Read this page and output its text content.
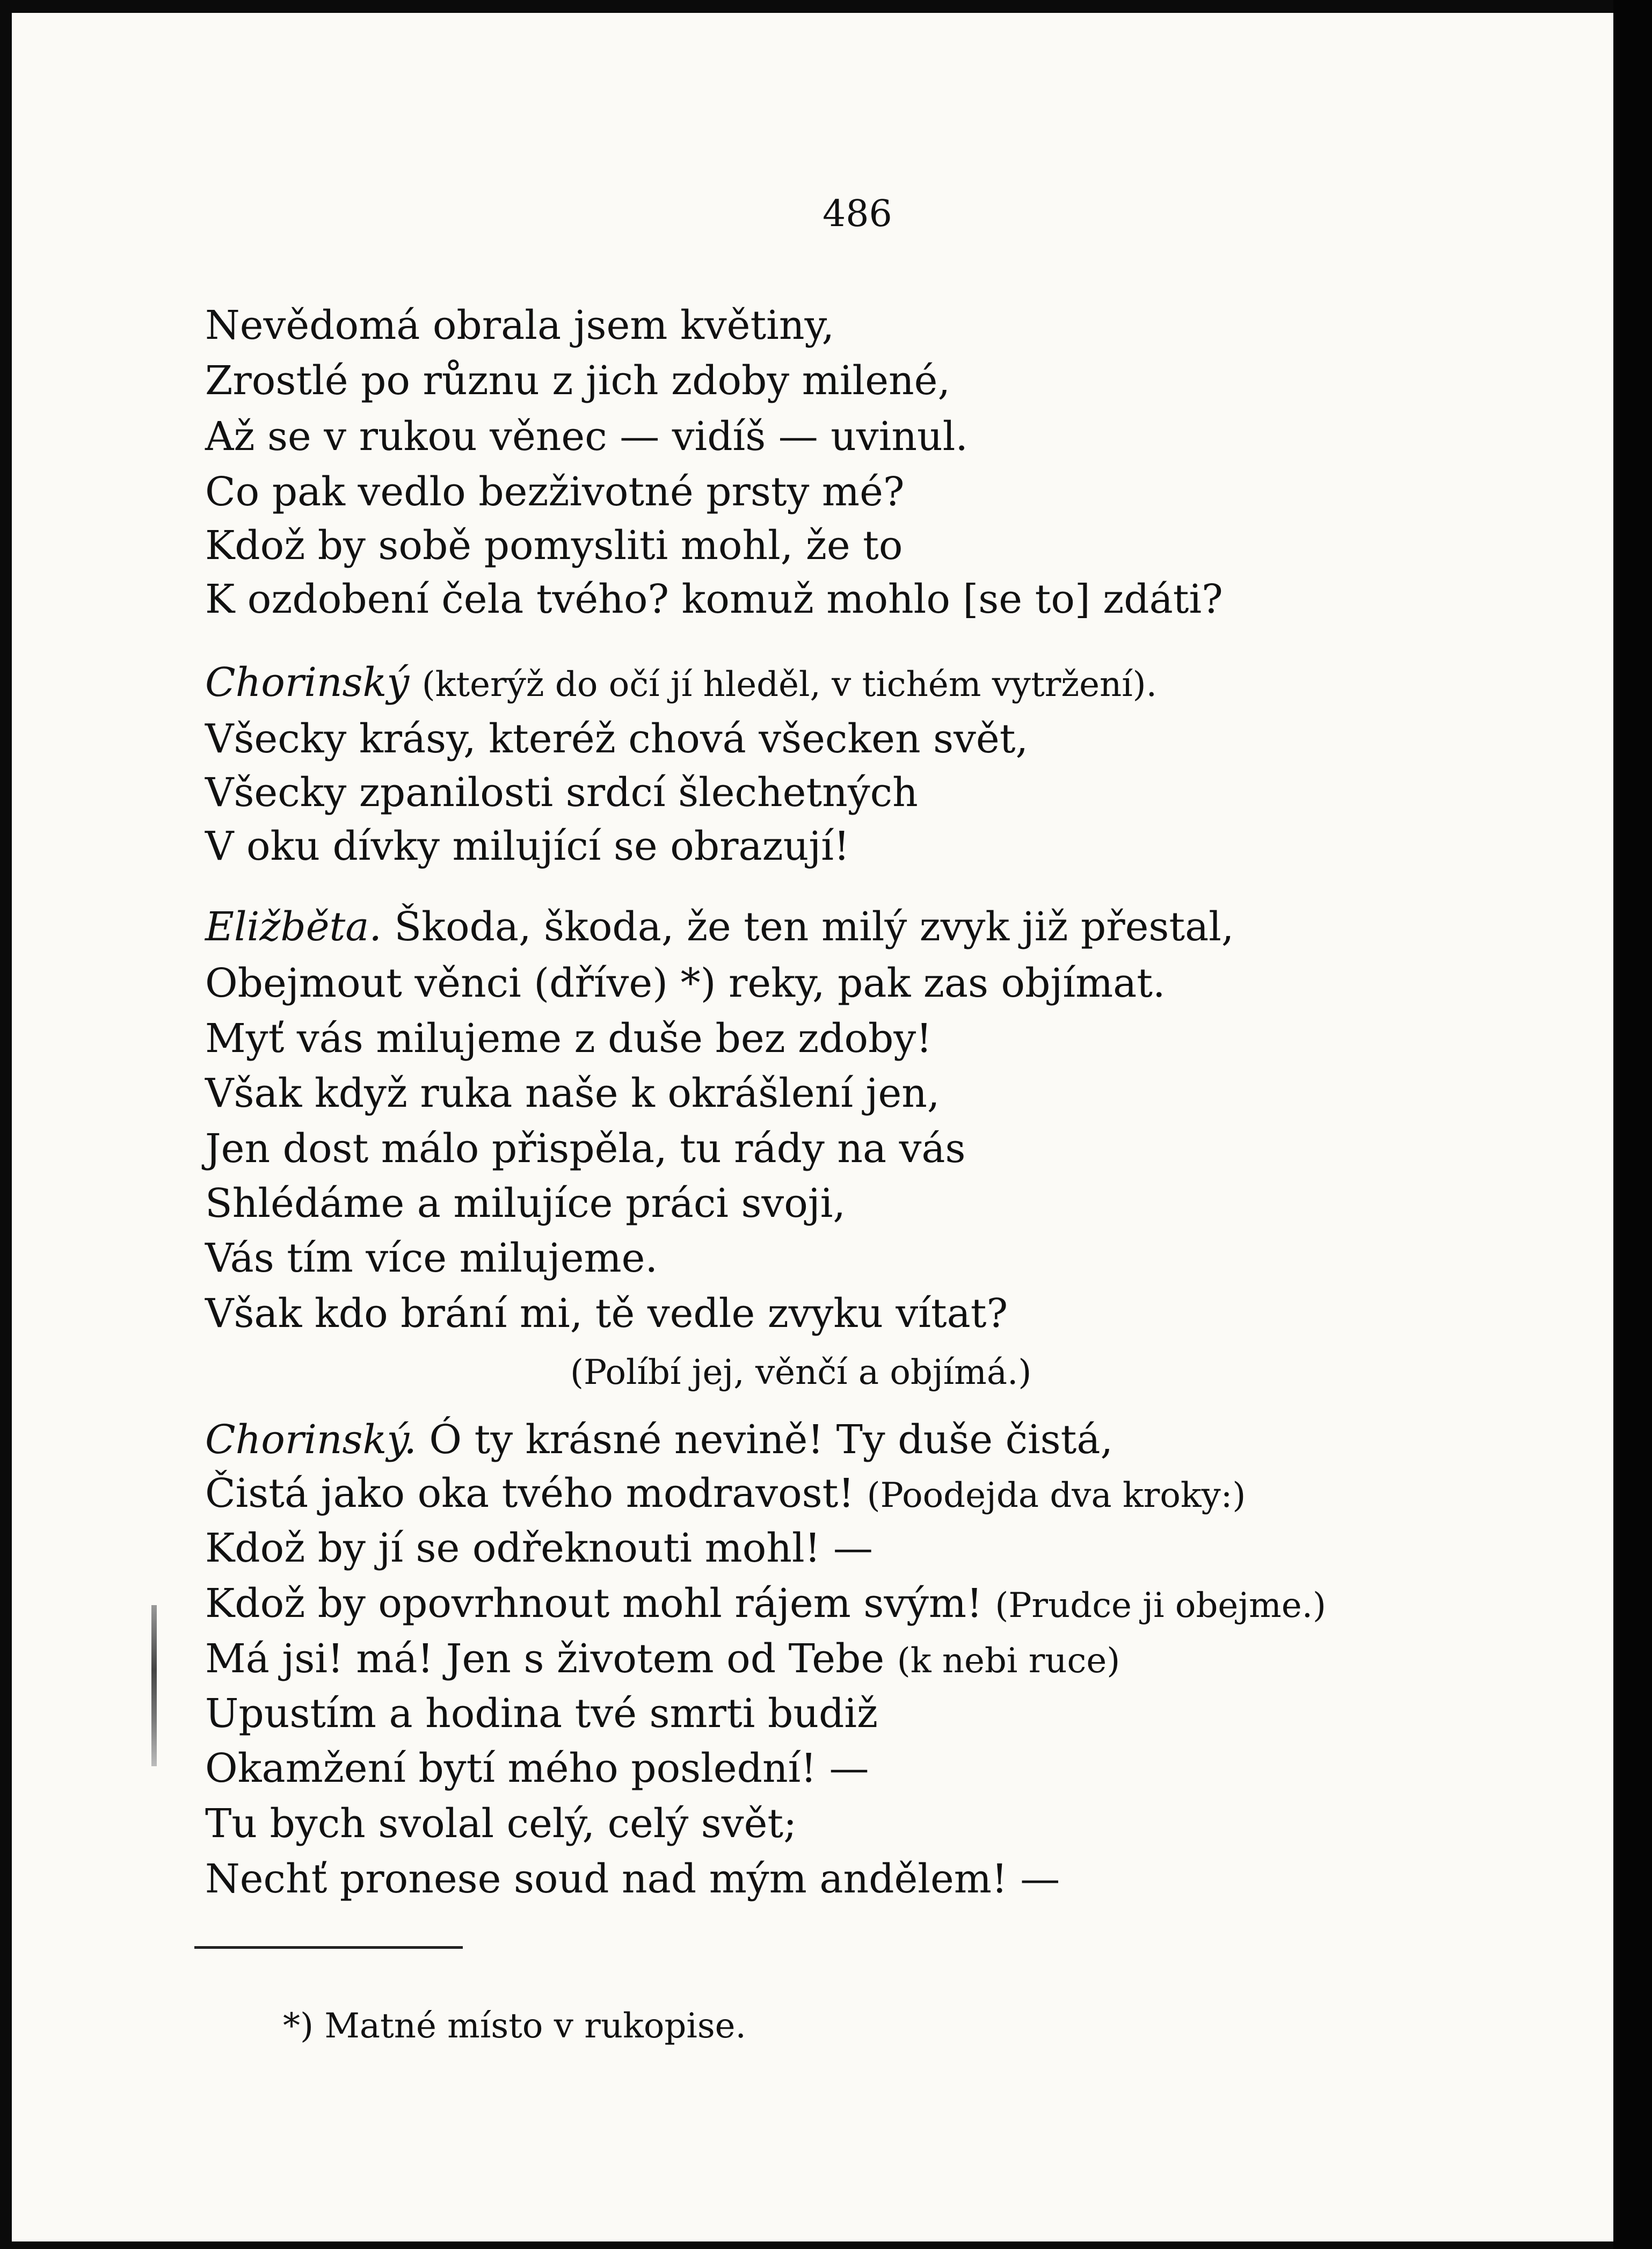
486
Nevědomá obrala jsem květiny,
Zrostlé po různu z jich zdoby milené,
Až se v rukou věnec — vidíš — uvinul.
Co pak vedlo bezživotné prsty mé?
Kdož by sobě pomysliti mohl, že to
K ozdobení čela tvého? komuž mohlo [se to] zdáti?
Chorinský (kterýž do očí jí hleděl, v tichém vytržení).
Všecky krásy, kteréž chová všecken svět,
Všecky zpanilosti srdcí šlechetných
V oku dívky milující se obrazují!
Eližběta. Škoda, škoda, že ten milý zvyk již přestal,
Obejmout věnci (dříve) *) reky, pak zas objímat.
Myť vás milujeme z duše bez zdoby!
Však když ruka naše k okrášlení jen,
Jen dost málo přispěla, tu rády na vás
Shlédáme a milujíce práci svoji,
Vás tím více milujeme.
Však kdo brání mi, tě vedle zvyku vítat?
(Políbí jej, věnčí a objímá.)
Chorinský. Ó ty krásné nevině! Ty duše čistá,
Čistá jako oka tvého modravost! (Poodejda dva kroky:)
Kdož by jí se odřeknouti mohl! —
Kdož by opovrhnout mohl rájem svým! (Prudce ji obejme.)
Má jsi! má! Jen s životem od Tebe (k nebi ruce)
Upustím a hodina tvé smrti budiž
Okamžení bytí mého poslední! —
Tu bych svolal celý, celý svět;
Nechť pronese soud nad mým andělem! —
*) Matné místo v rukopise.
